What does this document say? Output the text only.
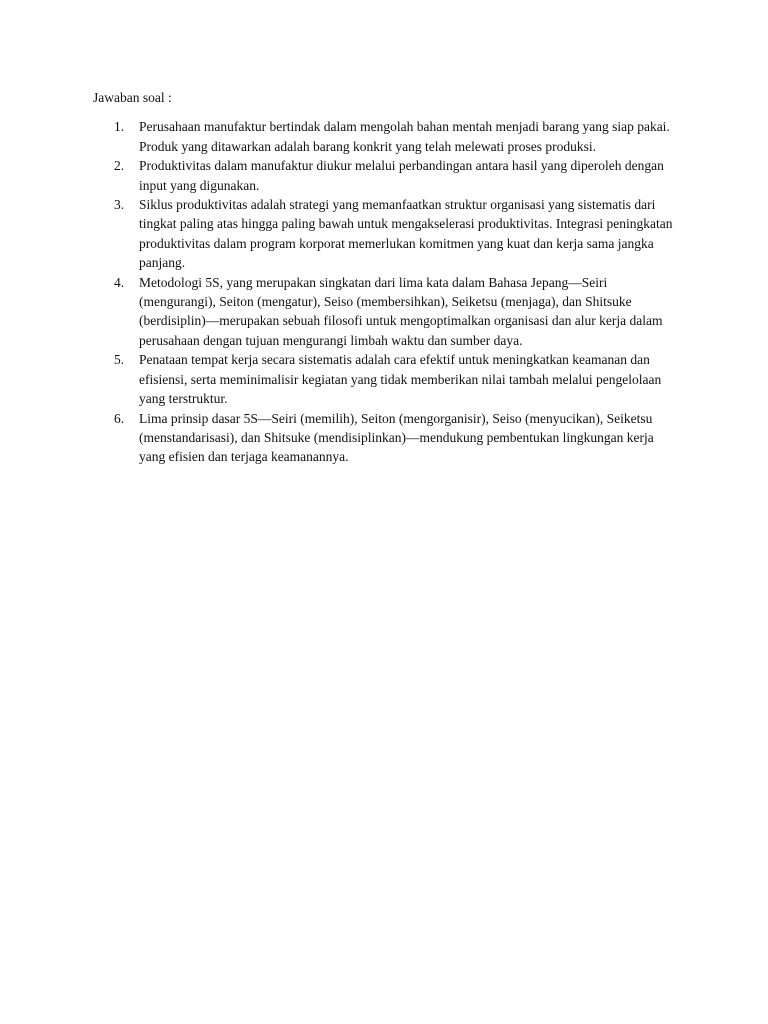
Jawaban soal :

1. Perusahaan manufaktur bertindak dalam mengolah bahan mentah menjadi barang yang siap pakai. Produk yang ditawarkan adalah barang konkrit yang telah melewati proses produksi.
2. Produktivitas dalam manufaktur diukur melalui perbandingan antara hasil yang diperoleh dengan input yang digunakan.
3. Siklus produktivitas adalah strategi yang memanfaatkan struktur organisasi yang sistematis dari tingkat paling atas hingga paling bawah untuk mengakselerasi produktivitas. Integrasi peningkatan produktivitas dalam program korporat memerlukan komitmen yang kuat dan kerja sama jangka panjang.
4. Metodologi 5S, yang merupakan singkatan dari lima kata dalam Bahasa Jepang—Seiri (mengurangi), Seiton (mengatur), Seiso (membersihkan), Seiketsu (menjaga), dan Shitsuke (berdisiplin)—merupakan sebuah filosofi untuk mengoptimalkan organisasi dan alur kerja dalam perusahaan dengan tujuan mengurangi limbah waktu dan sumber daya.
5. Penataan tempat kerja secara sistematis adalah cara efektif untuk meningkatkan keamanan dan efisiensi, serta meminimalisir kegiatan yang tidak memberikan nilai tambah melalui pengelolaan yang terstruktur.
6. Lima prinsip dasar 5S—Seiri (memilih), Seiton (mengorganisir), Seiso (menyucikan), Seiketsu (menstandarisasi), dan Shitsuke (mendisiplinkan)—mendukung pembentukan lingkungan kerja yang efisien dan terjaga keamanannya.
